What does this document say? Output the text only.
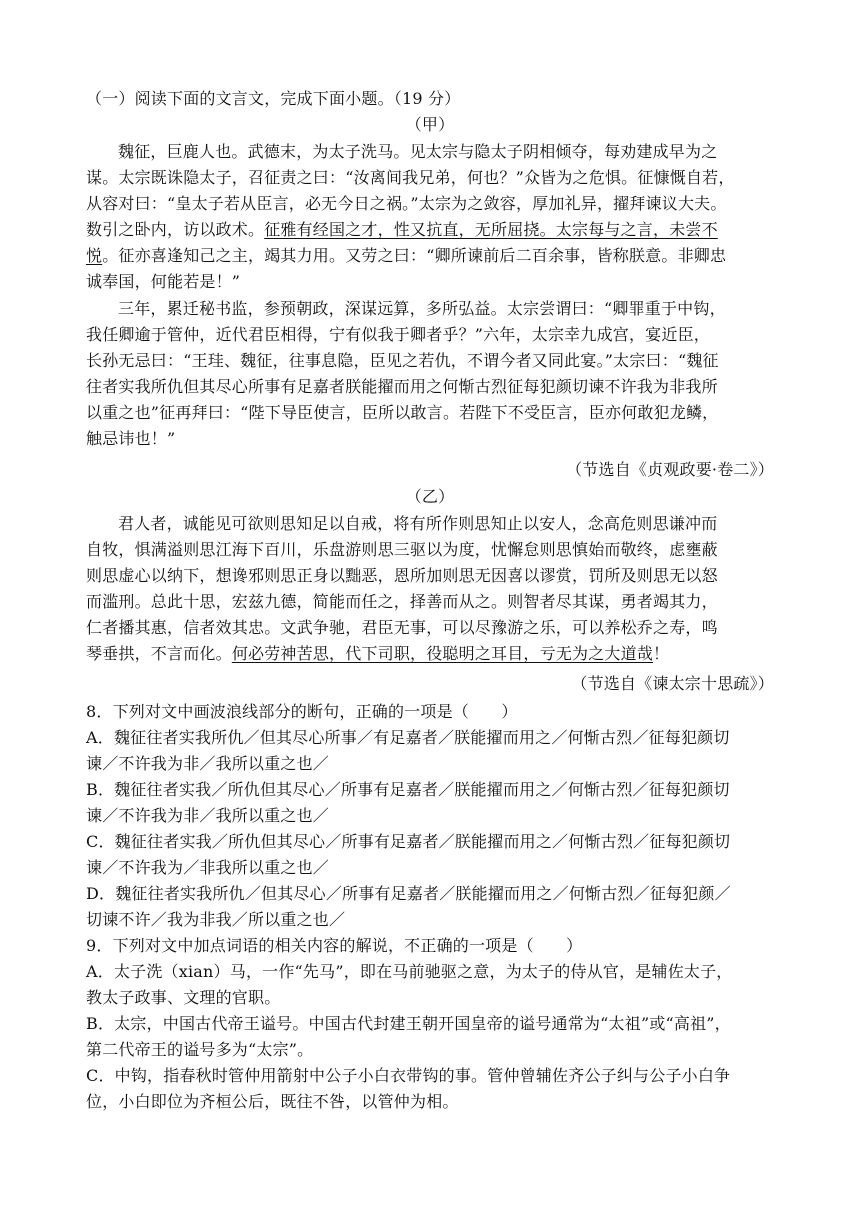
（一）阅读下面的文言文，完成下面小题。（19 分）
（甲）
魏征，巨鹿人也。武德末，为太子洗马。见太宗与隐太子阴相倾夺，每劝建成早为之
谋。太宗既诛隐太子，召征责之曰：“汝离间我兄弟，何也？”众皆为之危惧。征慷慨自若，
从容对曰：“皇太子若从臣言，必无今日之祸。”太宗为之敛容，厚加礼异，擢拜谏议大夫。
数引之卧内，访以政术。征雅有经国之才，性又抗直，无所屈挠。太宗每与之言，未尝不
悦。征亦喜逢知己之主，竭其力用。又劳之曰：“卿所谏前后二百余事，皆称朕意。非卿忠
诚奉国，何能若是！”
三年，累迁秘书监，参预朝政，深谋远算，多所弘益。太宗尝谓曰：“卿罪重于中钩，
我任卿逾于管仲，近代君臣相得，宁有似我于卿者乎？”六年，太宗幸九成宫，宴近臣，
长孙无忌曰：“王珪、魏征，往事息隐，臣见之若仇，不谓今者又同此宴。”太宗曰：“魏征
往者实我所仇但其尽心所事有足嘉者朕能擢而用之何惭古烈征每犯颜切谏不许我为非我所
以重之也”征再拜曰：“陛下导臣使言，臣所以敢言。若陛下不受臣言，臣亦何敢犯龙鳞，
触忌讳也！”
（节选自《贞观政要·卷二》）
（乙）
君人者，诚能见可欲则思知足以自戒，将有所作则思知止以安人，念高危则思谦冲而
自牧，惧满溢则思江海下百川，乐盘游则思三驱以为度，忧懈怠则思慎始而敬终，虑壅蔽
则思虚心以纳下，想谗邪则思正身以黜恶，恩所加则思无因喜以谬赏，罚所及则思无以怒
而滥刑。总此十思，宏兹九德，简能而任之，择善而从之。则智者尽其谋，勇者竭其力，
仁者播其惠，信者效其忠。文武争驰，君臣无事，可以尽豫游之乐，可以养松乔之寿，鸣
琴垂拱，不言而化。何必劳神苦思，代下司职，役聪明之耳目，亏无为之大道哉！
（节选自《谏太宗十思疏》）
8．下列对文中画波浪线部分的断句，正确的一项是（　　）
A．魏征往者实我所仇／但其尽心所事／有足嘉者／朕能擢而用之／何惭古烈／征每犯颜切
谏／不许我为非／我所以重之也／
B．魏征往者实我／所仇但其尽心／所事有足嘉者／朕能擢而用之／何惭古烈／征每犯颜切
谏／不许我为非／我所以重之也／
C．魏征往者实我／所仇但其尽心／所事有足嘉者／朕能擢而用之／何惭古烈／征每犯颜切
谏／不许我为／非我所以重之也／
D．魏征往者实我所仇／但其尽心／所事有足嘉者／朕能擢而用之／何惭古烈／征每犯颜／
切谏不许／我为非我／所以重之也／
9．下列对文中加点词语的相关内容的解说，不正确的一项是（　　）
A．太子洗（xian）马，一作“先马”，即在马前驰驱之意，为太子的侍从官，是辅佐太子，
教太子政事、文理的官职。
B．太宗，中国古代帝王谥号。中国古代封建王朝开国皇帝的谥号通常为“太祖”或“高祖”，
第二代帝王的谥号多为“太宗”。
C．中钩，指春秋时管仲用箭射中公子小白衣带钩的事。管仲曾辅佐齐公子纠与公子小白争
位，小白即位为齐桓公后，既往不咎，以管仲为相。
